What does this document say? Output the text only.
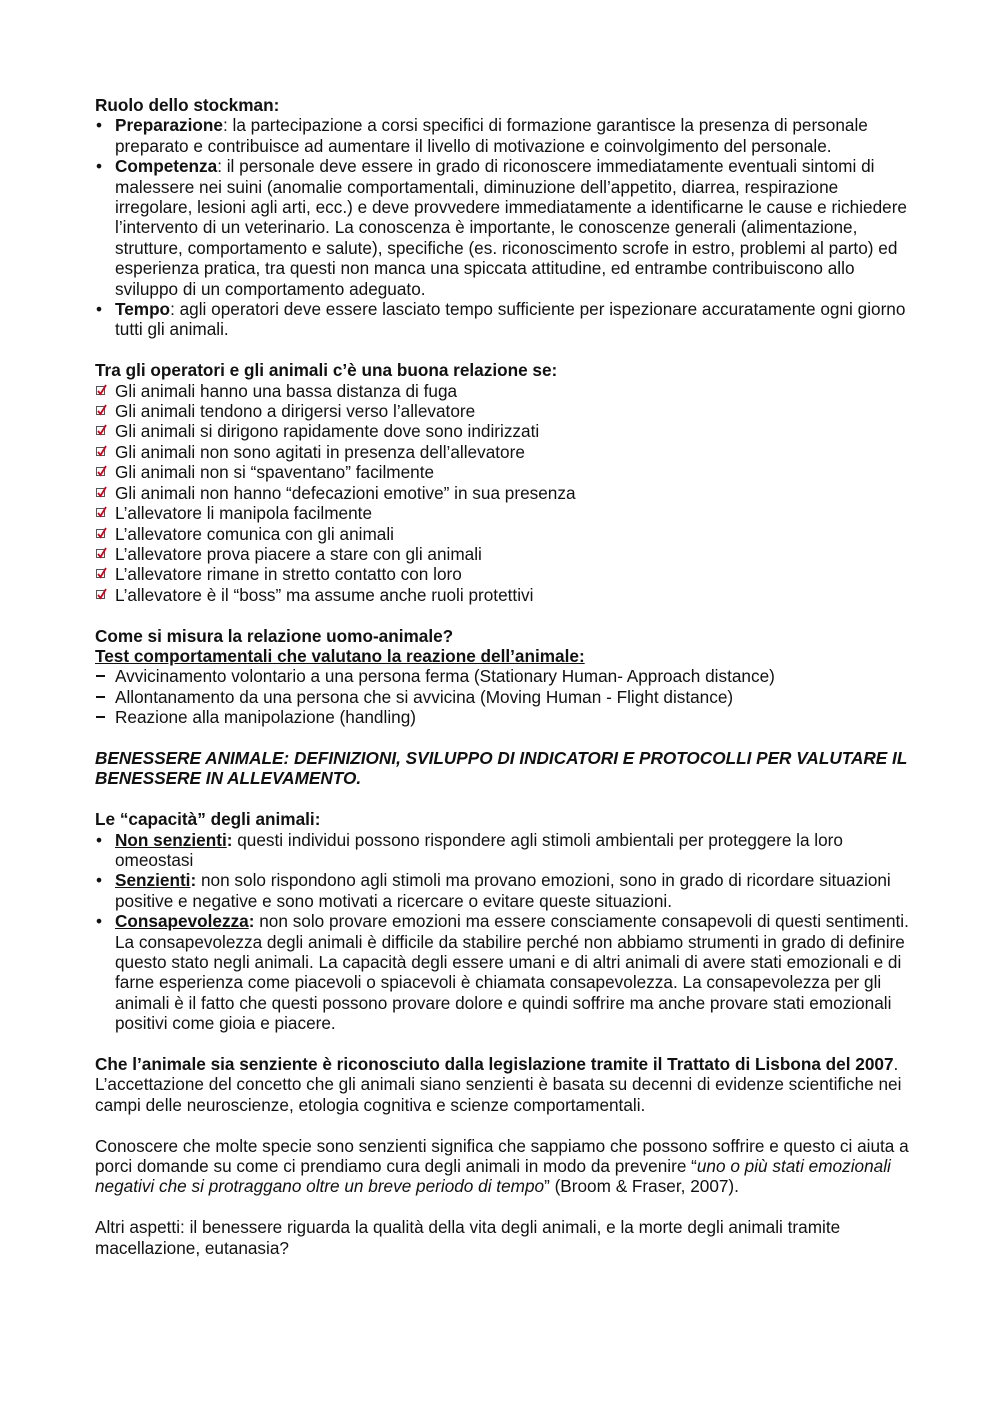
Ruolo dello stockman:

• Preparazione: la partecipazione a corsi specifici di formazione garantisce la presenza di personale preparato e contribuisce ad aumentare il livello di motivazione e coinvolgimento del personale.
• Competenza: il personale deve essere in grado di riconoscere immediatamente eventuali sintomi di malessere nei suini (anomalie comportamentali, diminuzione dell’appetito, diarrea, respirazione irregolare, lesioni agli arti, ecc.) e deve provvedere immediatamente a identificarne le cause e richiedere l’intervento di un veterinario. La conoscenza è importante, le conoscenze generali (alimentazione, strutture, comportamento e salute), specifiche (es. riconoscimento scrofe in estro, problemi al parto) ed esperienza pratica, tra questi non manca una spiccata attitudine, ed entrambe contribuiscono allo sviluppo di un comportamento adeguato.
• Tempo: agli operatori deve essere lasciato tempo sufficiente per ispezionare accuratamente ogni giorno tutti gli animali.

Tra gli operatori e gli animali c’è una buona relazione se:

Gli animali hanno una bassa distanza di fuga
Gli animali tendono a dirigersi verso l’allevatore
Gli animali si dirigono rapidamente dove sono indirizzati
Gli animali non sono agitati in presenza dell’allevatore
Gli animali non si “spaventano” facilmente
Gli animali non hanno “defecazioni emotive” in sua presenza
L’allevatore li manipola facilmente
L’allevatore comunica con gli animali
L’allevatore prova piacere a stare con gli animali
L’allevatore rimane in stretto contatto con loro
L’allevatore è il “boss” ma assume anche ruoli protettivi

Come si misura la relazione uomo-animale?

Test comportamentali che valutano la reazione dell’animale:

Avvicinamento volontario a una persona ferma (Stationary Human- Approach distance)
Allontanamento da una persona che si avvicina (Moving Human - Flight distance)
Reazione alla manipolazione (handling)

BENESSERE ANIMALE: DEFINIZIONI, SVILUPPO DI INDICATORI E PROTOCOLLI PER VALUTARE IL BENESSERE IN ALLEVAMENTO.

Le “capacità” degli animali:

• Non senzienti: questi individui possono rispondere agli stimoli ambientali per proteggere la loro omeostasi
• Senzienti: non solo rispondono agli stimoli ma provano emozioni, sono in grado di ricordare situazioni positive e negative e sono motivati a ricercare o evitare queste situazioni.
• Consapevolezza: non solo provare emozioni ma essere consciamente consapevoli di questi sentimenti. La consapevolezza degli animali è difficile da stabilire perché non abbiamo strumenti in grado di definire questo stato negli animali. La capacità degli essere umani e di altri animali di avere stati emozionali e di farne esperienza come piacevoli o spiacevoli è chiamata consapevolezza. La consapevolezza per gli animali è il fatto che questi possono provare dolore e quindi soffrire ma anche provare stati emozionali positivi come gioia e piacere.

Che l’animale sia senziente è riconosciuto dalla legislazione tramite il Trattato di Lisbona del 2007. L’accettazione del concetto che gli animali siano senzienti è basata su decenni di evidenze scientifiche nei campi delle neuroscienze, etologia cognitiva e scienze comportamentali.

Conoscere che molte specie sono senzienti significa che sappiamo che possono soffrire e questo ci aiuta a porci domande su come ci prendiamo cura degli animali in modo da prevenire “uno o più stati emozionali negativi che si protraggano oltre un breve periodo di tempo” (Broom & Fraser, 2007).

Altri aspetti: il benessere riguarda la qualità della vita degli animali, e la morte degli animali tramite macellazione, eutanasia?
